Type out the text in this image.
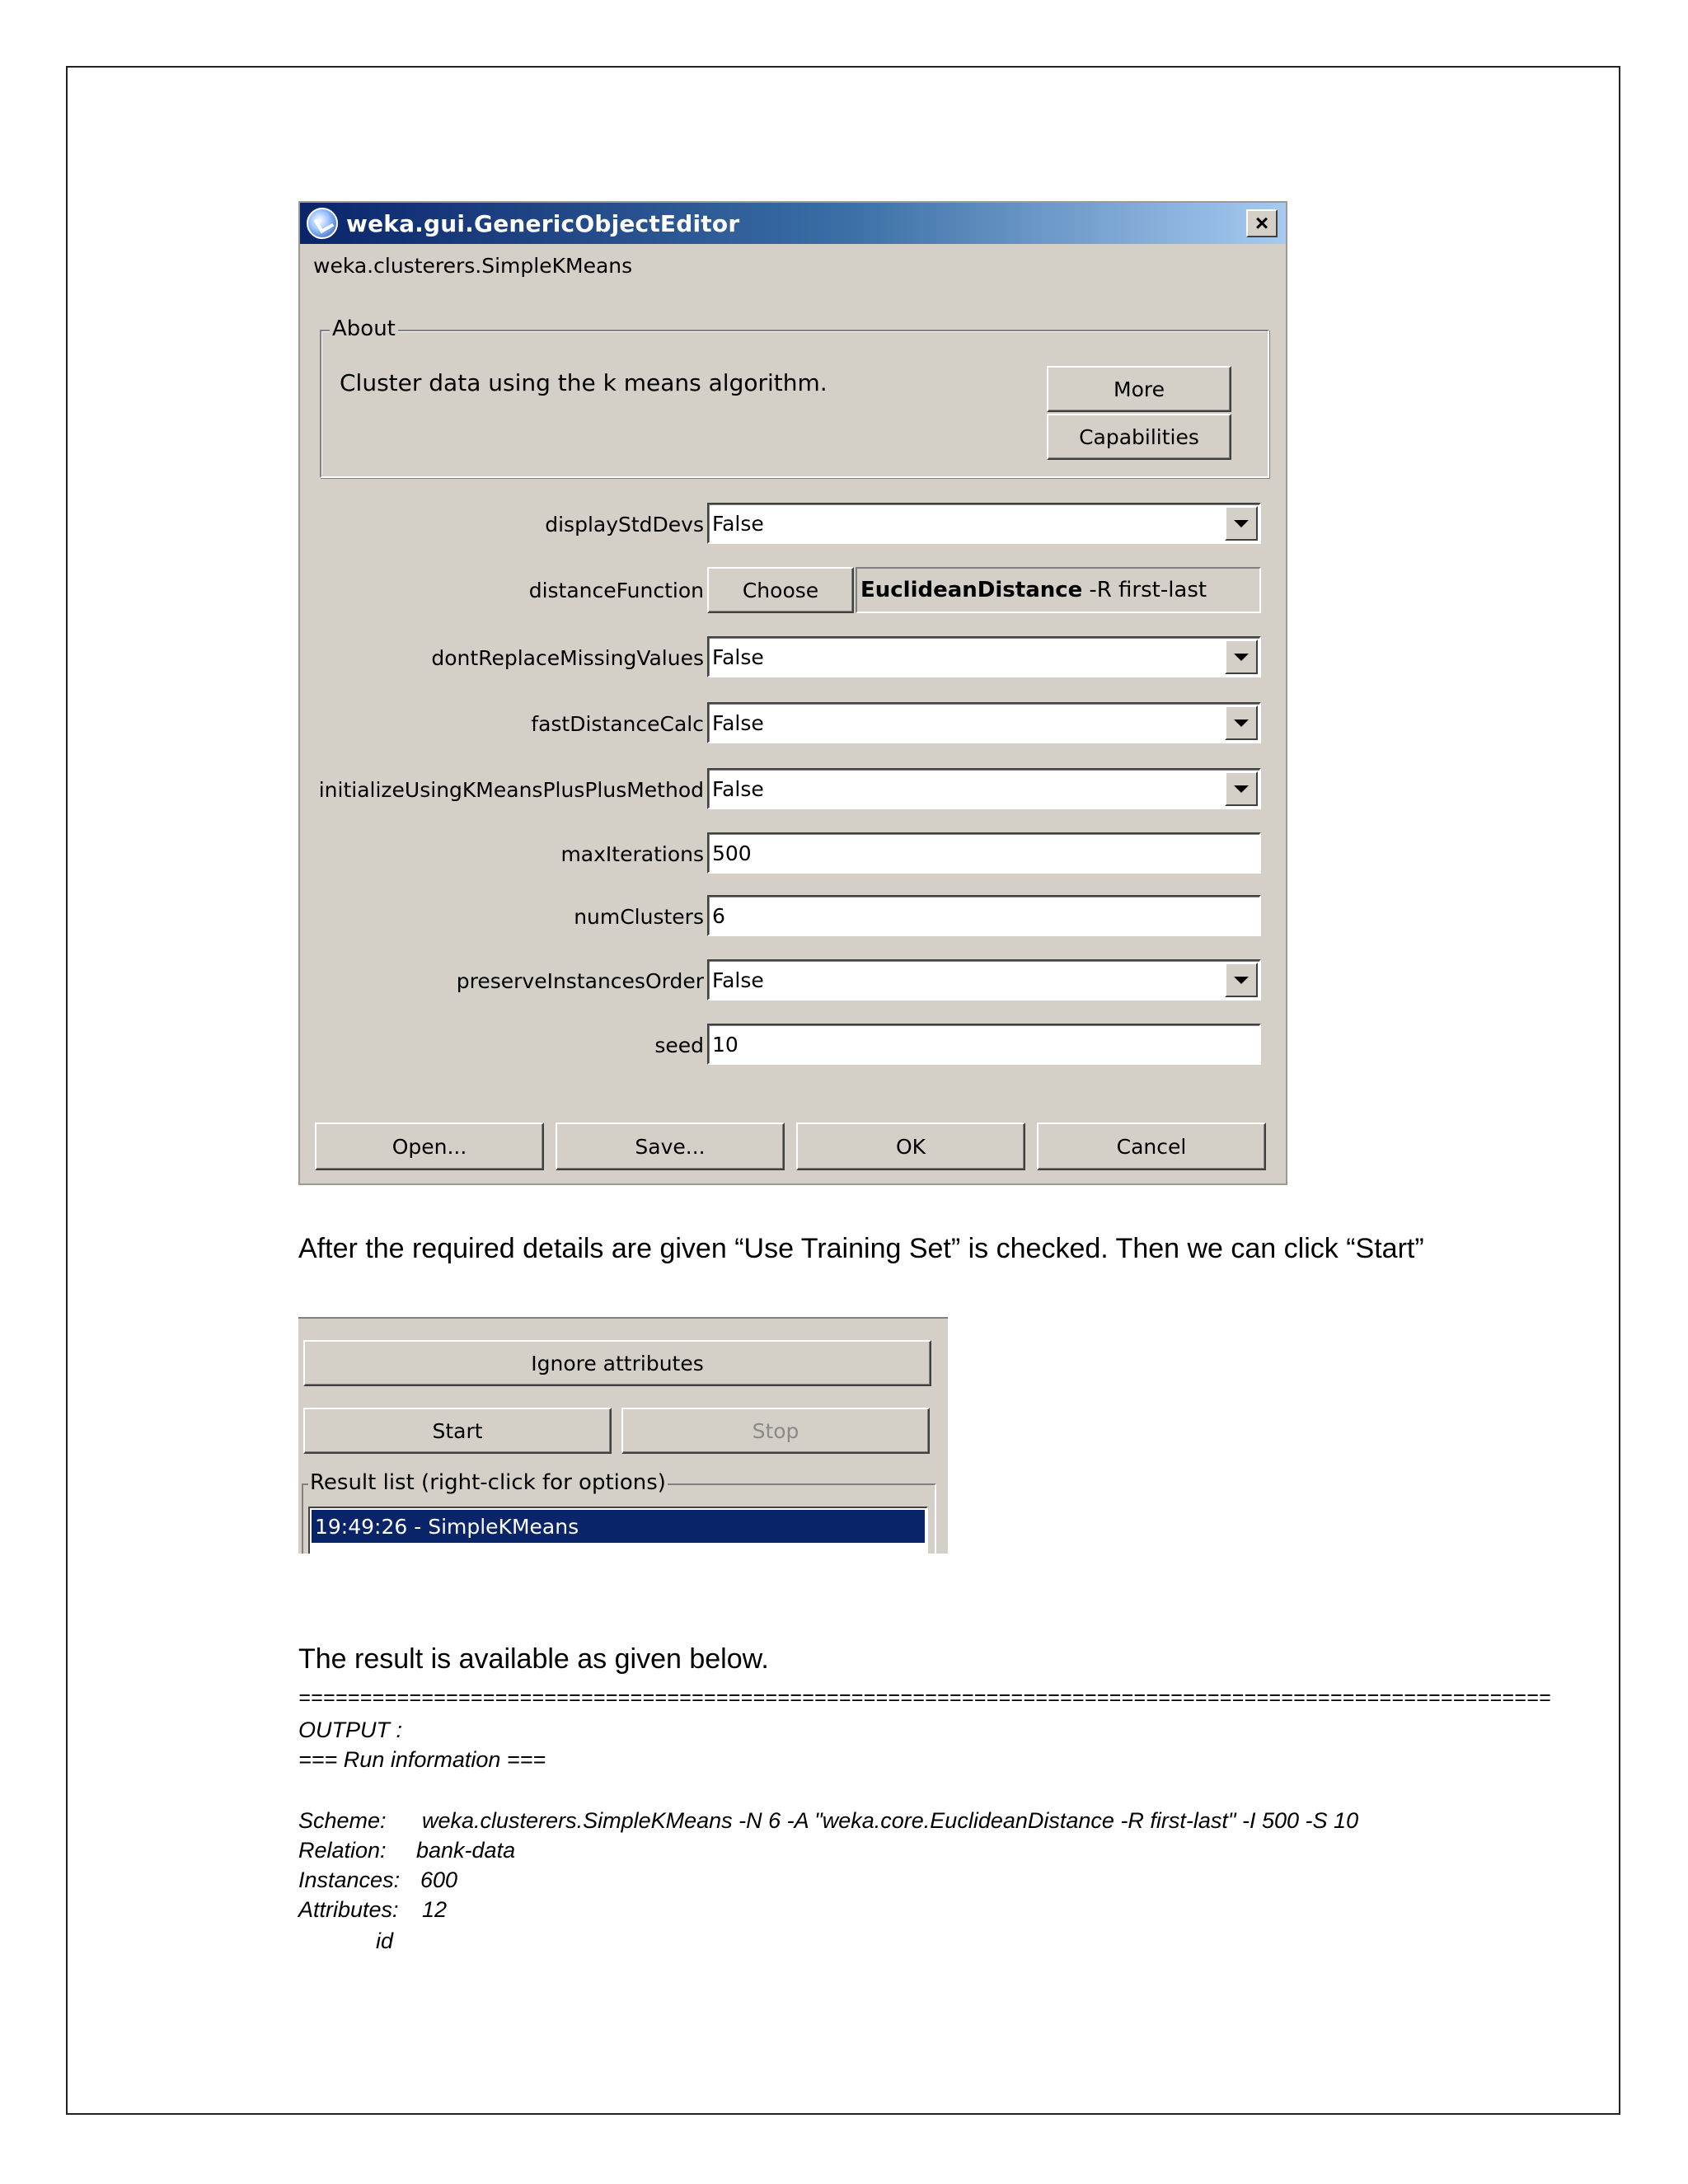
weka.gui.GenericObjectEditor	×
weka.clusterers.SimpleKMeans
About
Cluster data using the k means algorithm.	More
Capabilities
displayStdDevs False
distanceFunction	Choose	EuclideanDistance -R first-last
dontReplaceMissingValues False
fastDistanceCalc False
initializeUsingKMeansPlusPlusMethod False
maxIterations 500
numClusters 6
preserveInstancesOrder False
seed 10
Open...	Save...	OK	Cancel
After the required details are given “Use Training Set” is checked. Then we can click “Start”
Ignore attributes
Start	Stop
Result list (right-click for options)
19:49:26 - SimpleKMeans
The result is available as given below.
======================================================================================================
OUTPUT :
=== Run information ===
Scheme: weka.clusterers.SimpleKMeans -N 6 -A "weka.core.EuclideanDistance -R first-last" -I 500 -S 10
Relation: bank-data
Instances: 600
Attributes: 12
id
